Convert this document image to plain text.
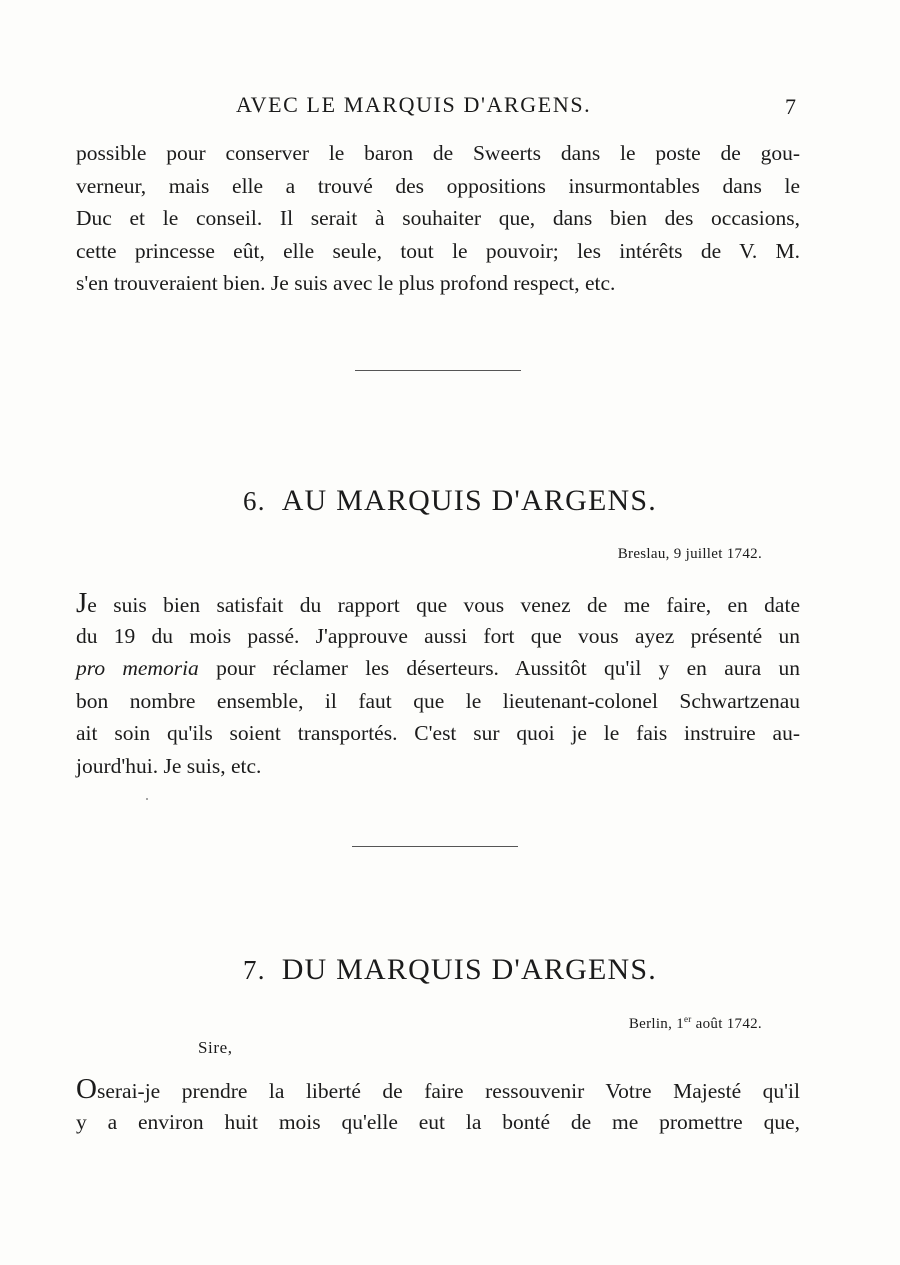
AVEC LE MARQUIS D'ARGENS.	7
possible pour conserver le baron de Sweerts dans le poste de gou-
verneur, mais elle a trouvé des oppositions insurmontables dans le
Duc et le conseil. Il serait à souhaiter que, dans bien des occasions,
cette princesse eût, elle seule, tout le pouvoir; les intérêts de V. M.
s'en trouveraient bien. Je suis avec le plus profond respect, etc.
6. AU MARQUIS D'ARGENS.
Breslau, 9 juillet 1742.
Je suis bien satisfait du rapport que vous venez de me faire, en date
du 19 du mois passé. J'approuve aussi fort que vous ayez présenté un
pro memoria pour réclamer les déserteurs. Aussitôt qu'il y en aura un
bon nombre ensemble, il faut que le lieutenant-colonel Schwartzenau
ait soin qu'ils soient transportés. C'est sur quoi je le fais instruire au-
jourd'hui. Je suis, etc.
7. DU MARQUIS D'ARGENS.
Berlin, 1er août 1742.
Sire,
Oserai-je prendre la liberté de faire ressouvenir Votre Majesté qu'il
y a environ huit mois qu'elle eut la bonté de me promettre que,
